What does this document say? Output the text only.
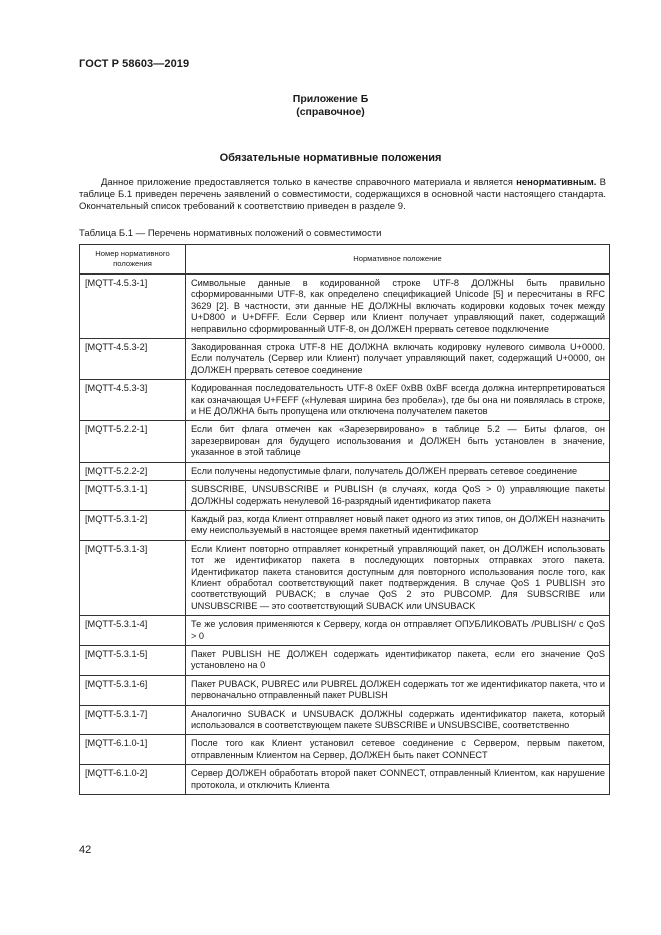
ГОСТ Р 58603—2019
Приложение Б
(справочное)
Обязательные нормативные положения

Данное приложение предоставляется только в качестве справочного материала и является ненормативным. В таблице Б.1 приведен перечень заявлений о совместимости, содержащихся в основной части настоящего стандарта. Окончательный список требований к соответствию приведен в разделе 9.

Таблица Б.1 — Перечень нормативных положений о совместимости
Номер нормативного положения	Нормативное положение
[MQTT-4.5.3-1]	Символьные данные в кодированной строке UTF-8 ДОЛЖНЫ быть правильно сформированными UTF-8, как определено спецификацией Unicode [5] и пересчитаны в RFC 3629 [2]. В частности, эти данные НЕ ДОЛЖНЫ включать кодировки кодовых точек между U+D800 и U+DFFF. Если Сервер или Клиент получает управляющий пакет, содержащий неправильно сформированный UTF-8, он ДОЛЖЕН прервать сетевое подключение
[MQTT-4.5.3-2]	Закодированная строка UTF-8 НЕ ДОЛЖНА включать кодировку нулевого символа U+0000. Если получатель (Сервер или Клиент) получает управляющий пакет, содержащий U+0000, он ДОЛЖЕН прервать сетевое соединение
[MQTT-4.5.3-3]	Кодированная последовательность UTF-8 0xEF 0xBB 0xBF всегда должна интерпретироваться как означающая U+FEFF («Нулевая ширина без пробела»), где бы она ни появлялась в строке, и НЕ ДОЛЖНА быть пропущена или отключена получателем пакетов
[MQTT-5.2.2-1]	Если бит флага отмечен как «Зарезервировано» в таблице 5.2 — Биты флагов, он зарезервирован для будущего использования и ДОЛЖЕН быть установлен в значение, указанное в этой таблице
[MQTT-5.2.2-2]	Если получены недопустимые флаги, получатель ДОЛЖЕН прервать сетевое соединение
[MQTT-5.3.1-1]	SUBSCRIBE, UNSUBSCRIBE и PUBLISH (в случаях, когда QoS > 0) управляющие пакеты ДОЛЖНЫ содержать ненулевой 16-разрядный идентификатор пакета
[MQTT-5.3.1-2]	Каждый раз, когда Клиент отправляет новый пакет одного из этих типов, он ДОЛЖЕН назначить ему неиспользуемый в настоящее время пакетный идентификатор
[MQTT-5.3.1-3]	Если Клиент повторно отправляет конкретный управляющий пакет, он ДОЛЖЕН использовать тот же идентификатор пакета в последующих повторных отправках этого пакета. Идентификатор пакета становится доступным для повторного использования после того, как Клиент обработал соответствующий пакет подтверждения. В случае QoS 1 PUBLISH это соответствующий PUBACK; в случае QoS 2 это PUBCOMP. Для SUBSCRIBE или UNSUBSCRIBE — это соответствующий SUBACK или UNSUBACK
[MQTT-5.3.1-4]	Те же условия применяются к Серверу, когда он отправляет ОПУБЛИКОВАТЬ /PUBLISH/ с QoS > 0
[MQTT-5.3.1-5]	Пакет PUBLISH НЕ ДОЛЖЕН содержать идентификатор пакета, если его значение QoS установлено на 0
[MQTT-5.3.1-6]	Пакет PUBACK, PUBREC или PUBREL ДОЛЖЕН содержать тот же идентификатор пакета, что и первоначально отправленный пакет PUBLISH
[MQTT-5.3.1-7]	Аналогично SUBACK и UNSUBACK ДОЛЖНЫ содержать идентификатор пакета, который использовался в соответствующем пакете SUBSCRIBE и UNSUBSCIBE, соответственно
[MQTT-6.1.0-1]	После того как Клиент установил сетевое соединение с Сервером, первым пакетом, отправленным Клиентом на Сервер, ДОЛЖЕН быть пакет CONNECT
[MQTT-6.1.0-2]	Сервер ДОЛЖЕН обработать второй пакет CONNECT, отправленный Клиентом, как нарушение протокола, и отключить Клиента
42
